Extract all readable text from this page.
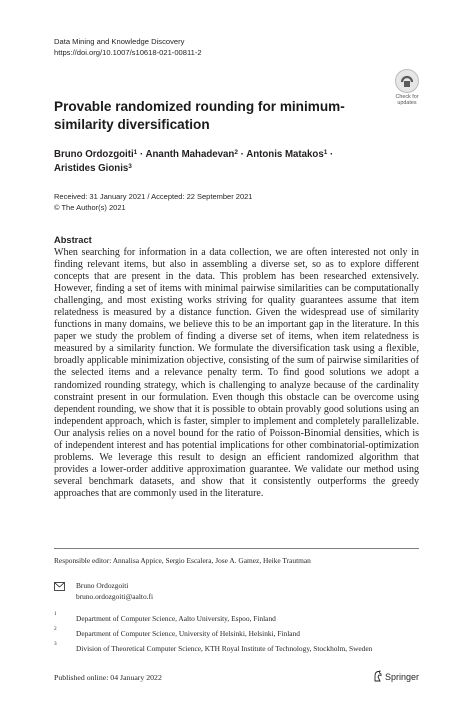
Data Mining and Knowledge Discovery
https://doi.org/10.1007/s10618-021-00811-2
Check for
updates
Provable randomized rounding for minimum-similarity diversification
Bruno Ordozgoiti$^1$ · Ananth Mahadevan$^2$ · Antonis Matakos$^1$ ·
Aristides Gionis$^3$
Received: 31 January 2021 / Accepted: 22 September 2021
© The Author(s) 2021
Abstract
When searching for information in a data collection, we are often interested not only in finding relevant items, but also in assembling a diverse set, so as to explore different concepts that are present in the data. This problem has been researched extensively. However, finding a set of items with minimal pairwise similarities can be computationally challenging, and most existing works striving for quality guarantees assume that item relatedness is measured by a distance function. Given the widespread use of similarity functions in many domains, we believe this to be an important gap in the literature. In this paper we study the problem of finding a diverse set of items, when item relatedness is measured by a similarity function. We formulate the diversification task using a flexible, broadly applicable minimization objective, consisting of the sum of pairwise similarities of the selected items and a relevance penalty term. To find good solutions we adopt a randomized rounding strategy, which is challenging to analyze because of the cardinality constraint present in our formulation. Even though this obstacle can be overcome using dependent rounding, we show that it is possible to obtain provably good solutions using an independent approach, which is faster, simpler to implement and completely parallelizable. Our analysis relies on a novel bound for the ratio of Poisson-Binomial densities, which is of independent interest and has potential implications for other combinatorial-optimization problems. We leverage this result to design an efficient randomized algorithm that provides a lower-order additive approximation guarantee. We validate our method using several benchmark datasets, and show that it consistently outperforms the greedy approaches that are commonly used in the literature.
Responsible editor: Annalisa Appice, Sergio Escalera, Jose A. Gamez, Heike Trautman
Bruno Ordozgoiti
bruno.ordozgoiti@aalto.fi
1	Department of Computer Science, Aalto University, Espoo, Finland
2	Department of Computer Science, University of Helsinki, Helsinki, Finland
3	Division of Theoretical Computer Science, KTH Royal Institute of Technology, Stockholm, Sweden
Published online: 04 January 2022	Springer
